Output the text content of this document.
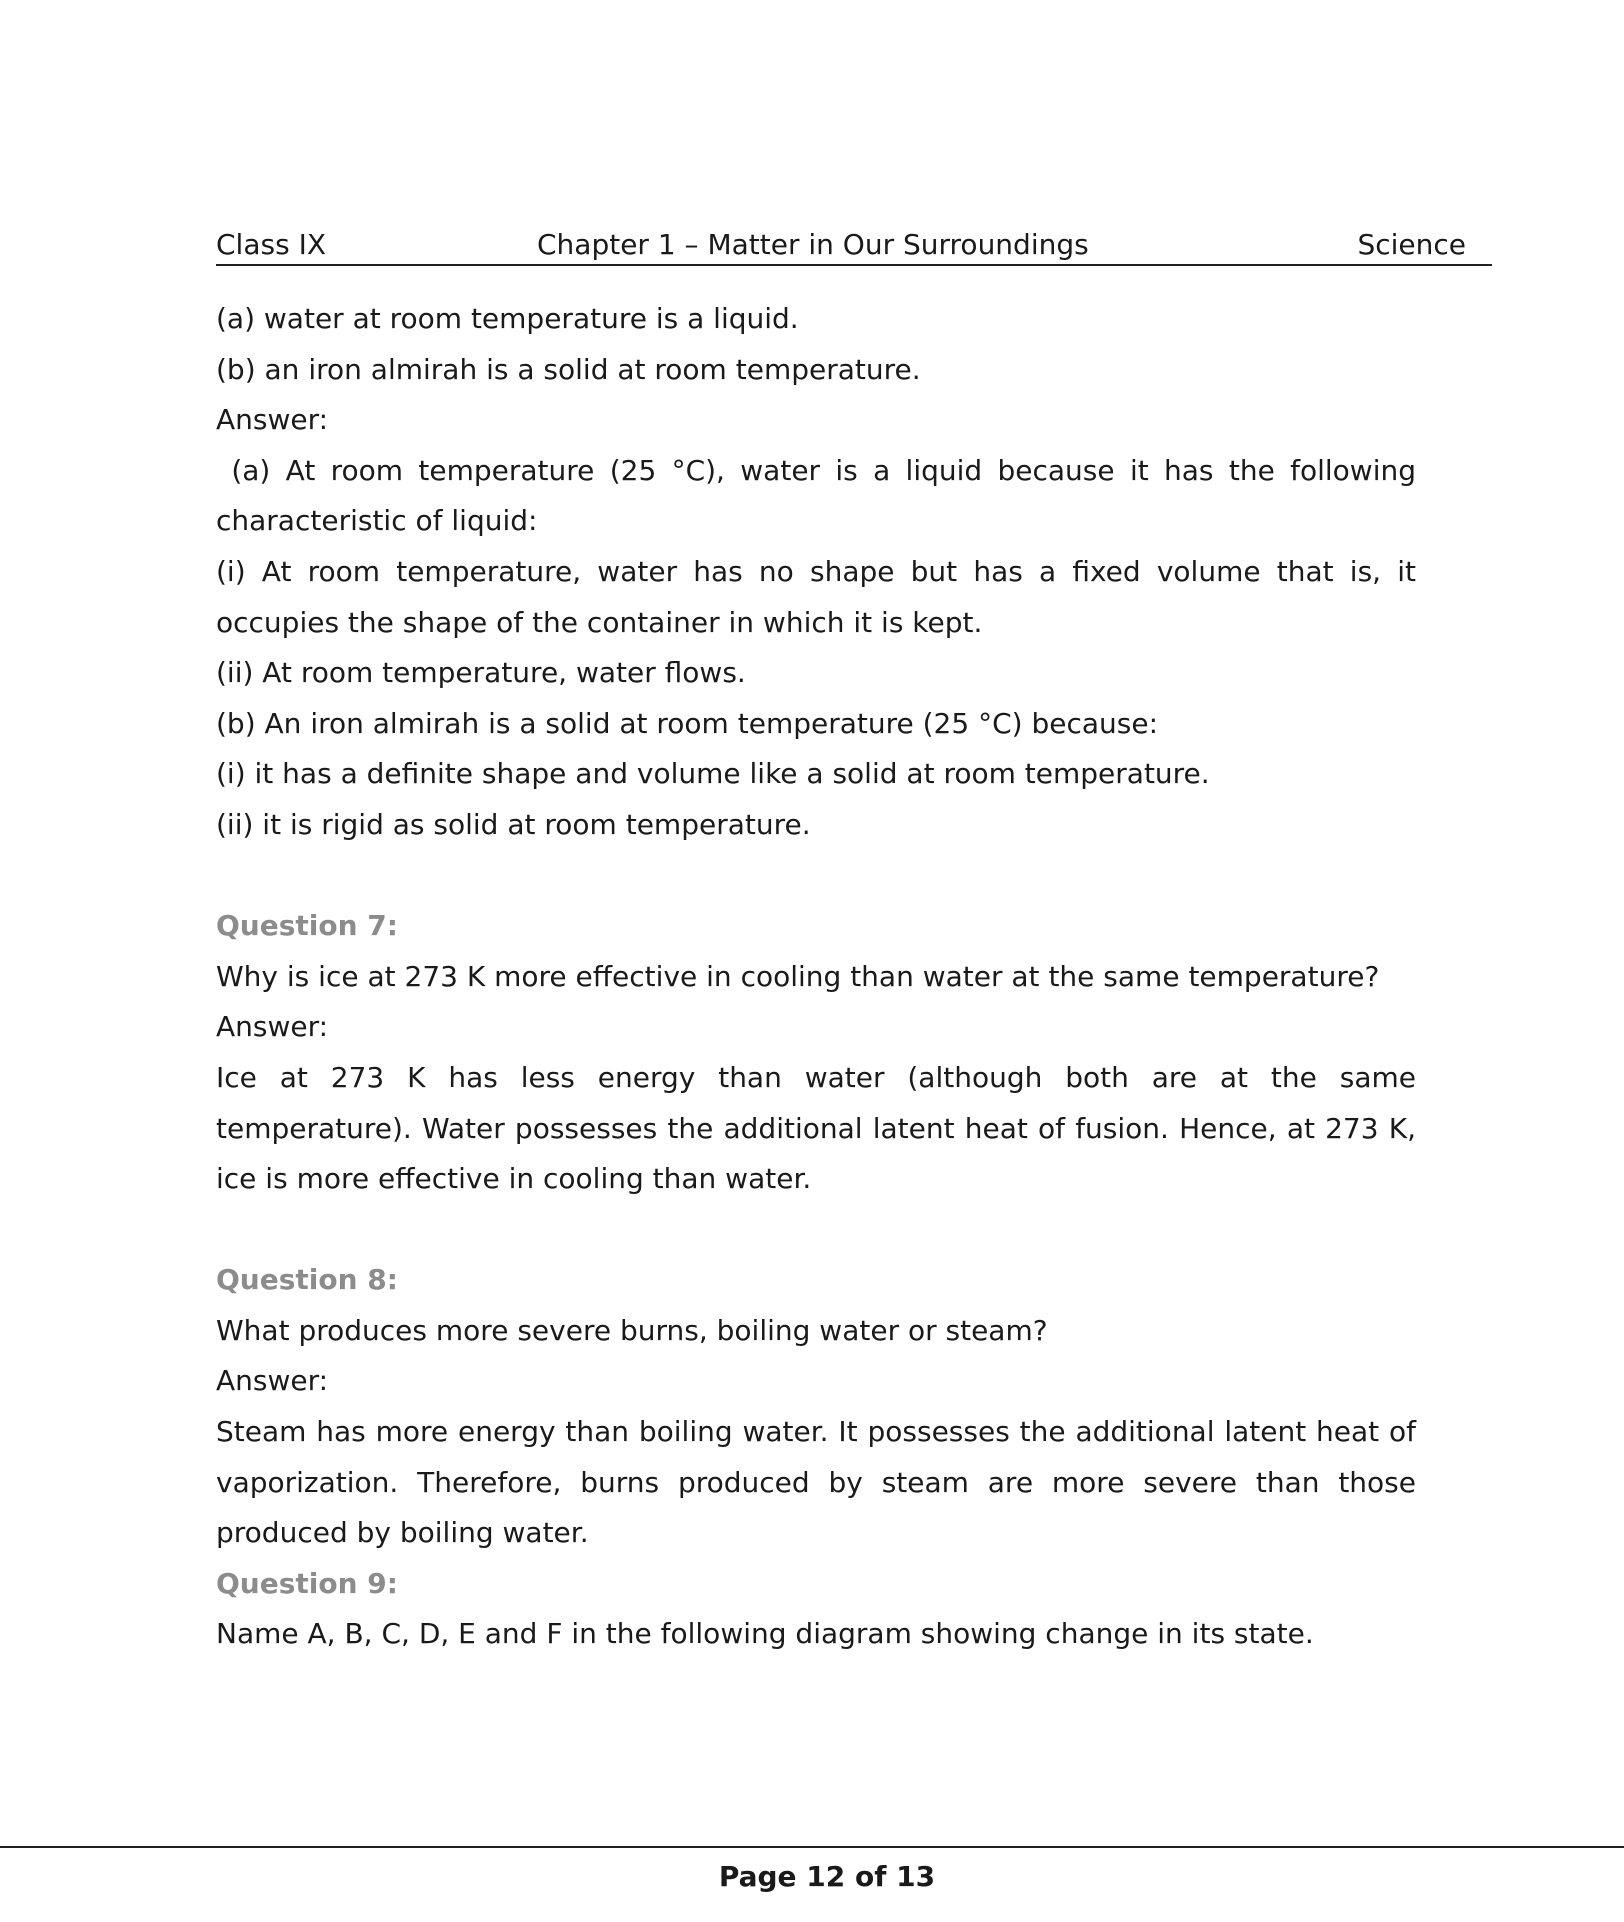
Class IX	Chapter 1 – Matter in Our Surroundings	Science
(a) water at room temperature is a liquid.
(b) an iron almirah is a solid at room temperature.
Answer:
(a) At room temperature (25 °C), water is a liquid because it has the following
characteristic of liquid:
(i) At room temperature, water has no shape but has a fixed volume that is, it
occupies the shape of the container in which it is kept.
(ii) At room temperature, water flows.
(b) An iron almirah is a solid at room temperature (25 °C) because:
(i) it has a definite shape and volume like a solid at room temperature.
(ii) it is rigid as solid at room temperature.
Question 7:
Why is ice at 273 K more effective in cooling than water at the same temperature?
Answer:
Ice at 273 K has less energy than water (although both are at the same
temperature). Water possesses the additional latent heat of fusion. Hence, at 273 K,
ice is more effective in cooling than water.
Question 8:
What produces more severe burns, boiling water or steam?
Answer:
Steam has more energy than boiling water. It possesses the additional latent heat of
vaporization. Therefore, burns produced by steam are more severe than those
produced by boiling water.
Question 9:
Name A, B, C, D, E and F in the following diagram showing change in its state.
Page 12 of 13
